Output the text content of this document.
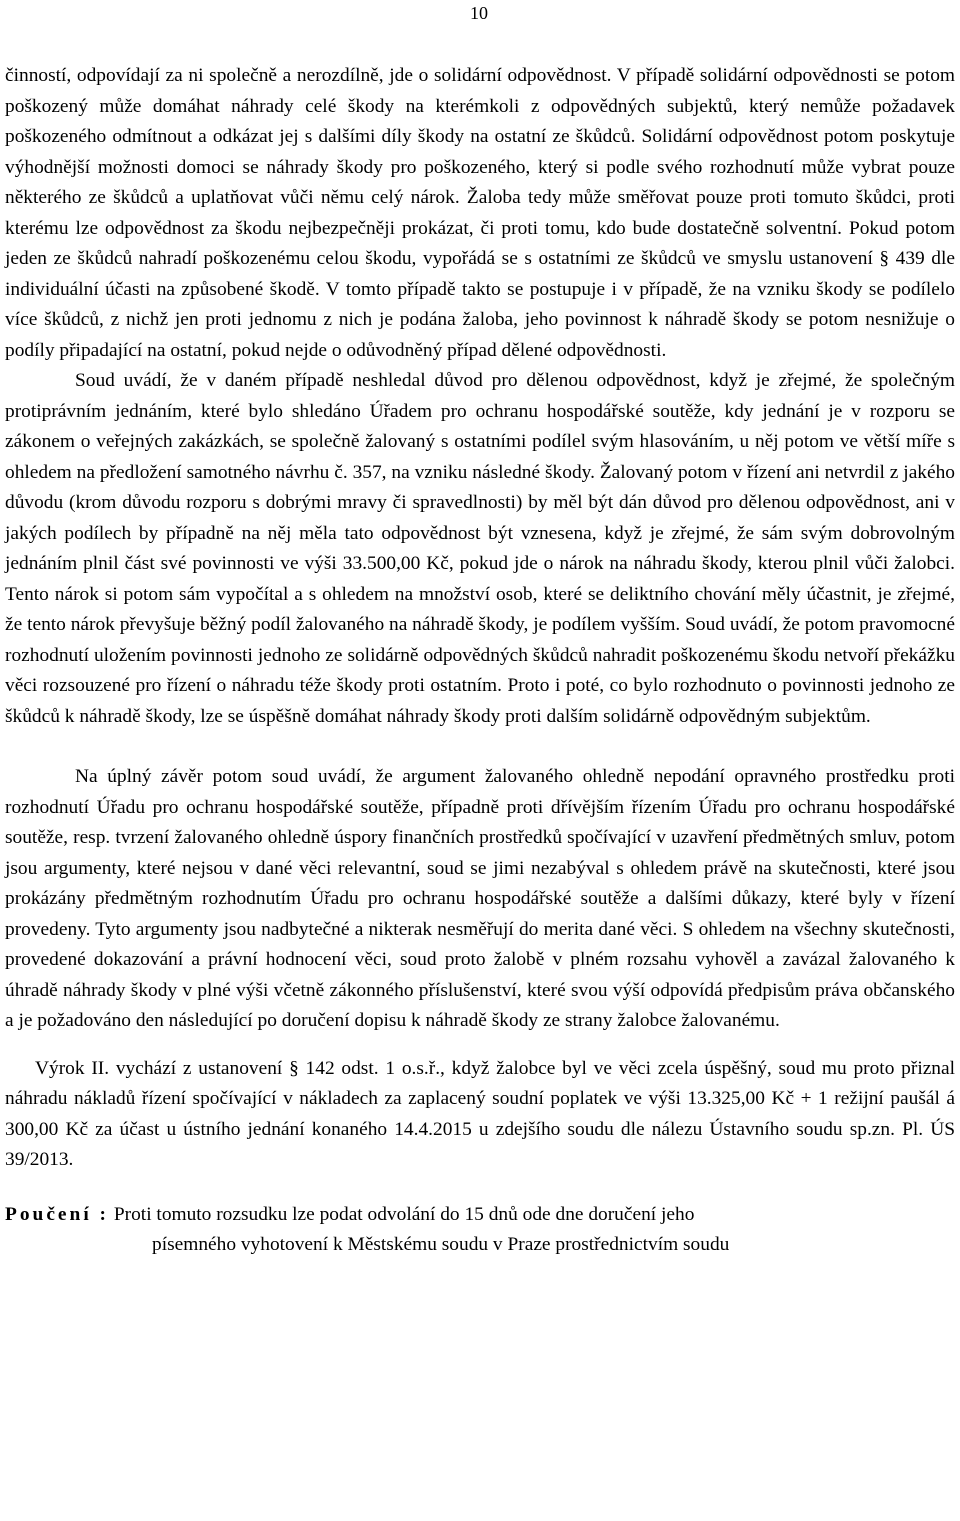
10

činností, odpovídají za ni společně a nerozdílně, jde o solidární odpovědnost. V případě solidární odpovědnosti se potom poškozený může domáhat náhrady celé škody na kterémkoli z odpovědných subjektů, který nemůže požadavek poškozeného odmítnout a odkázat jej s dalšími díly škody na ostatní ze škůdců. Solidární odpovědnost potom poskytuje výhodnější možnosti domoci se náhrady škody pro poškozeného, který si podle svého rozhodnutí může vybrat pouze některého ze škůdců a uplatňovat vůči němu celý nárok. Žaloba tedy může směřovat pouze proti tomuto škůdci, proti kterému lze odpovědnost za škodu nejbezpečněji prokázat, či proti tomu, kdo bude dostatečně solventní. Pokud potom jeden ze škůdců nahradí poškozenému celou škodu, vypořádá se s ostatními ze škůdců ve smyslu ustanovení § 439 dle individuální účasti na způsobené škodě. V tomto případě takto se postupuje i v případě, že na vzniku škody se podílelo více škůdců, z nichž jen proti jednomu z nich je podána žaloba, jeho povinnost k náhradě škody se potom nesnižuje o podíly připadající na ostatní, pokud nejde o odůvodněný případ dělené odpovědnosti.

Soud uvádí, že v daném případě neshledal důvod pro dělenou odpovědnost, když je zřejmé, že společným protiprávním jednáním, které bylo shledáno Úřadem pro ochranu hospodářské soutěže, kdy jednání je v rozporu se zákonem o veřejných zakázkách, se společně žalovaný s ostatními podílel svým hlasováním, u něj potom ve větší míře s ohledem na předložení samotného návrhu č. 357, na vzniku následné škody. Žalovaný potom v řízení ani netvrdil z jakého důvodu (krom důvodu rozporu s dobrými mravy či spravedlnosti) by měl být dán důvod pro dělenou odpovědnost, ani v jakých podílech by případně na něj měla tato odpovědnost být vznesena, když je zřejmé, že sám svým dobrovolným jednáním plnil část své povinnosti ve výši 33.500,00 Kč, pokud jde o nárok na náhradu škody, kterou plnil vůči žalobci. Tento nárok si potom sám vypočítal a s ohledem na množství osob, které se deliktního chování měly účastnit, je zřejmé, že tento nárok převyšuje běžný podíl žalovaného na náhradě škody, je podílem vyšším. Soud uvádí, že potom pravomocné rozhodnutí uložením povinnosti jednoho ze solidárně odpovědných škůdců nahradit poškozenému škodu netvoří překážku věci rozsouzené pro řízení o náhradu téže škody proti ostatním. Proto i poté, co bylo rozhodnuto o povinnosti jednoho ze škůdců k náhradě škody, lze se úspěšně domáhat náhrady škody proti dalším solidárně odpovědným subjektům.

Na úplný závěr potom soud uvádí, že argument žalovaného ohledně nepodání opravného prostředku proti rozhodnutí Úřadu pro ochranu hospodářské soutěže, případně proti dřívějším řízením Úřadu pro ochranu hospodářské soutěže, resp. tvrzení žalovaného ohledně úspory finančních prostředků spočívající v uzavření předmětných smluv, potom jsou argumenty, které nejsou v dané věci relevantní, soud se jimi nezabýval s ohledem právě na skutečnosti, které jsou prokázány předmětným rozhodnutím Úřadu pro ochranu hospodářské soutěže a dalšími důkazy, které byly v řízení provedeny. Tyto argumenty jsou nadbytečné a nikterak nesměřují do merita dané věci. S ohledem na všechny skutečnosti, provedené dokazování a právní hodnocení věci, soud proto žalobě v plném rozsahu vyhověl a zavázal žalovaného k úhradě náhrady škody v plné výši včetně zákonného příslušenství, které svou výší odpovídá předpisům práva občanského a je požadováno den následující po doručení dopisu k náhradě škody ze strany žalobce žalovanému.

Výrok II. vychází z ustanovení § 142 odst. 1 o.s.ř., když žalobce byl ve věci zcela úspěšný, soud mu proto přiznal náhradu nákladů řízení spočívající v nákladech za zaplacený soudní poplatek ve výši 13.325,00 Kč + 1 režijní paušál á 300,00 Kč za účast u ústního jednání konaného 14.4.2015 u zdejšího soudu dle nálezu Ústavního soudu sp.zn. Pl. ÚS 39/2013.

Poučení : Proti tomuto rozsudku lze podat odvolání do 15 dnů ode dne doručení jeho
písemného vyhotovení k Městskému soudu v Praze prostřednictvím soudu
